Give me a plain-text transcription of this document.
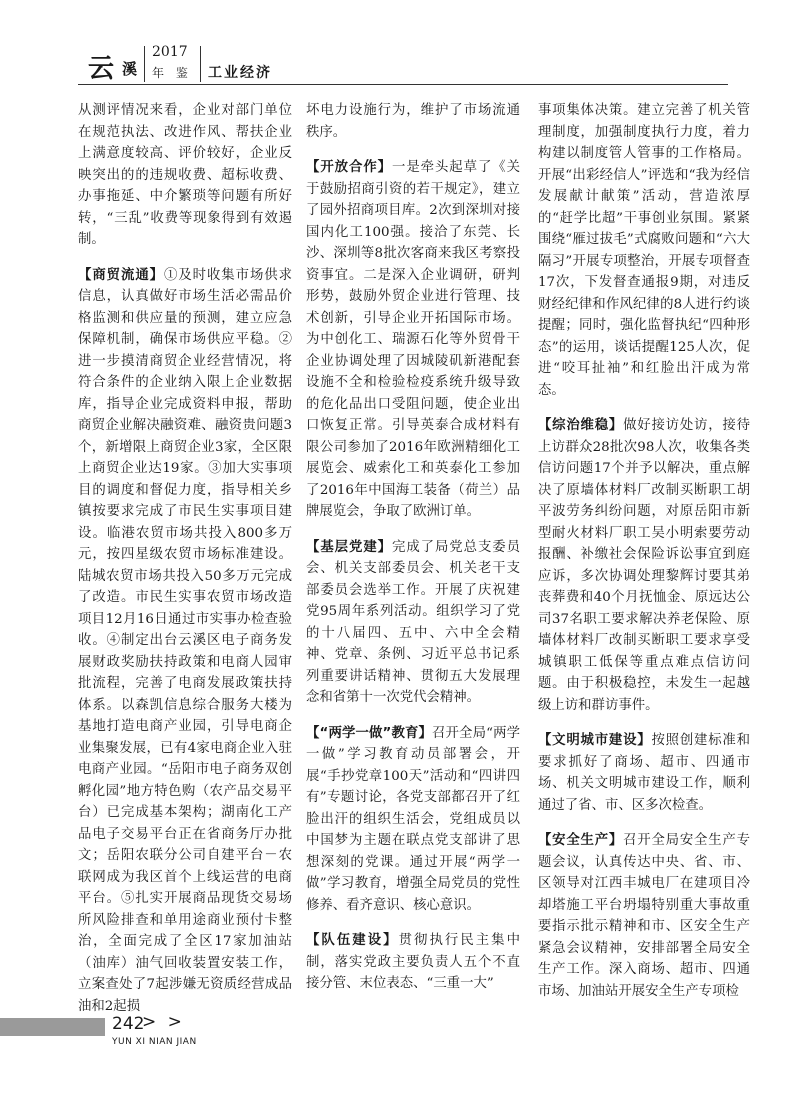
云 溪
2017
年 鉴 工业经济

从测评情况来看，企业对部门单位在规范执法、改进作风、帮扶企业上满意度较高、评价较好，企业反映突出的的违规收费、超标收费、办事拖延、中介繁琐等问题有所好转，“三乱”收费等现象得到有效遏制。

【商贸流通】①及时收集市场供求信息，认真做好市场生活必需品价格监测和供应量的预测，建立应急保障机制，确保市场供应平稳。②进一步摸清商贸企业经营情况，将符合条件的企业纳入限上企业数据库，指导企业完成资料申报，帮助商贸企业解决融资难、融资贵问题3个，新增限上商贸企业3家，全区限上商贸企业达19家。③加大实事项目的调度和督促力度，指导相关乡镇按要求完成了市民生实事项目建设。临港农贸市场共投入800多万元，按四星级农贸市场标准建设。陆城农贸市场共投入50多万元完成了改造。市民生实事农贸市场改造项目12月16日通过市实事办检查验收。④制定出台云溪区电子商务发展财政奖励扶持政策和电商人园审批流程，完善了电商发展政策扶持体系。以森凯信息综合服务大楼为基地打造电商产业园，引导电商企业集聚发展，已有4家电商企业入驻电商产业园。“岳阳市电子商务双创孵化园”地方特色购（农产品交易平台）已完成基本架构；湖南化工产品电子交易平台正在省商务厅办批文；岳阳农联分公司自建平台－农联网成为我区首个上线运营的电商平台。⑤扎实开展商品现货交易场所风险排查和单用途商业预付卡整治，全面完成了全区17家加油站（油库）油气回收装置安装工作，立案查处了7起涉嫌无资质经营成品油和2起损

坏电力设施行为，维护了市场流通秩序。

【开放合作】一是牵头起草了《关于鼓励招商引资的若干规定》，建立了园外招商项目库。2次到深圳对接国内化工100强。接洽了东莞、长沙、深圳等8批次客商来我区考察投资事宜。二是深入企业调研，研判形势，鼓励外贸企业进行管理、技术创新，引导企业开拓国际市场。为中创化工、瑞源石化等外贸骨干企业协调处理了因城陵矶新港配套设施不全和检验检疫系统升级导致的危化品出口受阻问题，使企业出口恢复正常。引导英泰合成材料有限公司参加了2016年欧洲精细化工展览会、威索化工和英泰化工参加了2016年中国海工装备（荷兰）品牌展览会，争取了欧洲订单。

【基层党建】完成了局党总支委员会、机关支部委员会、机关老干支部委员会选举工作。开展了庆祝建党95周年系列活动。组织学习了党的十八届四、五中、六中全会精神、党章、条例、习近平总书记系列重要讲话精神、贯彻五大发展理念和省第十一次党代会精神。

【“两学一做”教育】召开全局“两学一做”学习教育动员部署会，开展“手抄党章100天”活动和“四讲四有”专题讨论，各党支部都召开了红脸出汗的组织生活会，党组成员以中国梦为主题在联点党支部讲了思想深刻的党课。通过开展“两学一做”学习教育，增强全局党员的党性修养、看齐意识、核心意识。

【队伍建设】贯彻执行民主集中制，落实党政主要负责人五个不直接分管、末位表态、“三重一大”

事项集体决策。建立完善了机关管理制度，加强制度执行力度，着力构建以制度管人管事的工作格局。开展“出彩经信人”评选和“我为经信发展献计献策”活动，营造浓厚的“赶学比超”干事创业氛围。紧紧围绕“雁过拔毛”式腐败问题和“六大隔习”开展专项整治，开展专项督查17次，下发督查通报9期，对违反财经纪律和作风纪律的8人进行约谈提醒；同时，强化监督执纪“四种形态”的运用，谈话提醒125人次，促进“咬耳扯袖”和红脸出汗成为常态。

【综治维稳】做好接访处访，接待上访群众28批次98人次，收集各类信访问题17个并予以解决，重点解决了原墙体材料厂改制买断职工胡平波劳务纠纷问题，对原岳阳市新型耐火材料厂职工吴小明索要劳动报酬、补缴社会保险诉讼事宜到庭应诉，多次协调处理黎辉讨要其弟丧葬费和40个月抚恤金、原远达公司37名职工要求解决养老保险、原墙体材料厂改制买断职工要求享受城镇职工低保等重点难点信访问题。由于积极稳控，未发生一起越级上访和群访事件。

【文明城市建设】按照创建标准和要求抓好了商场、超市、四通市场、机关文明城市建设工作，顺利通过了省、市、区多次检查。

【安全生产】召开全局安全生产专题会议，认真传达中央、省、市、区领导对江西丰城电厂在建项目冷却塔施工平台坍塌特别重大事故重要指示批示精神和市、区安全生产紧急会议精神，安排部署全局安全生产工作。深入商场、超市、四通市场、加油站开展安全生产专项检

242
> >
YUN XI NIAN JIAN
